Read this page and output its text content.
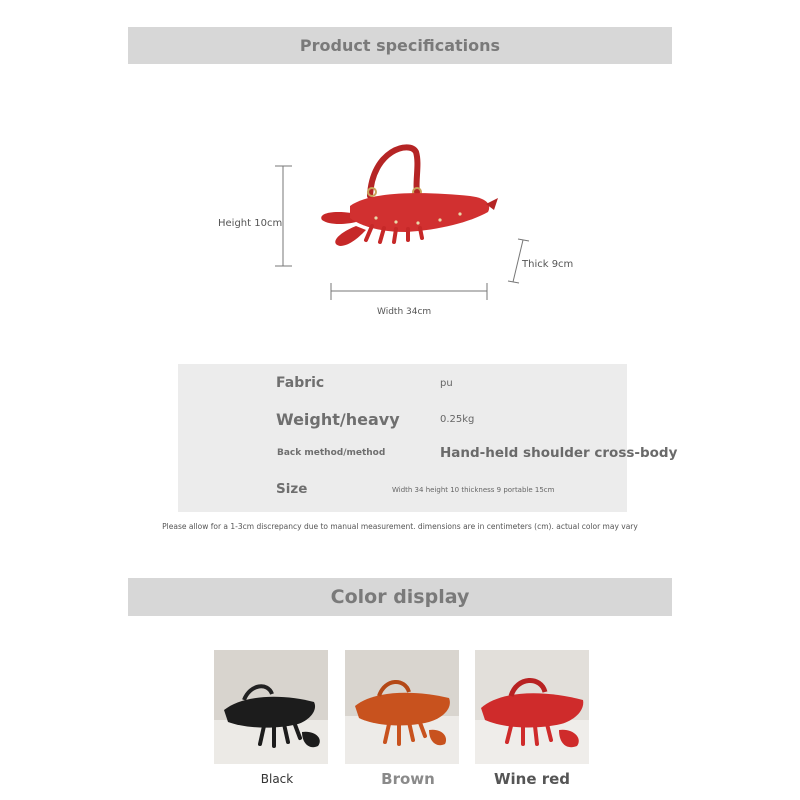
Product specifications
Height 10cm
Thick 9cm
Width 34cm
Fabric	pu
Weight/heavy	0.25kg
Back method/method	Hand-held shoulder cross-body
Size	Width 34 height 10 thickness 9 portable 15cm
Please allow for a 1-3cm discrepancy due to manual measurement. dimensions are in centimeters (cm). actual color may vary
Color display
Black	Brown	Wine red
